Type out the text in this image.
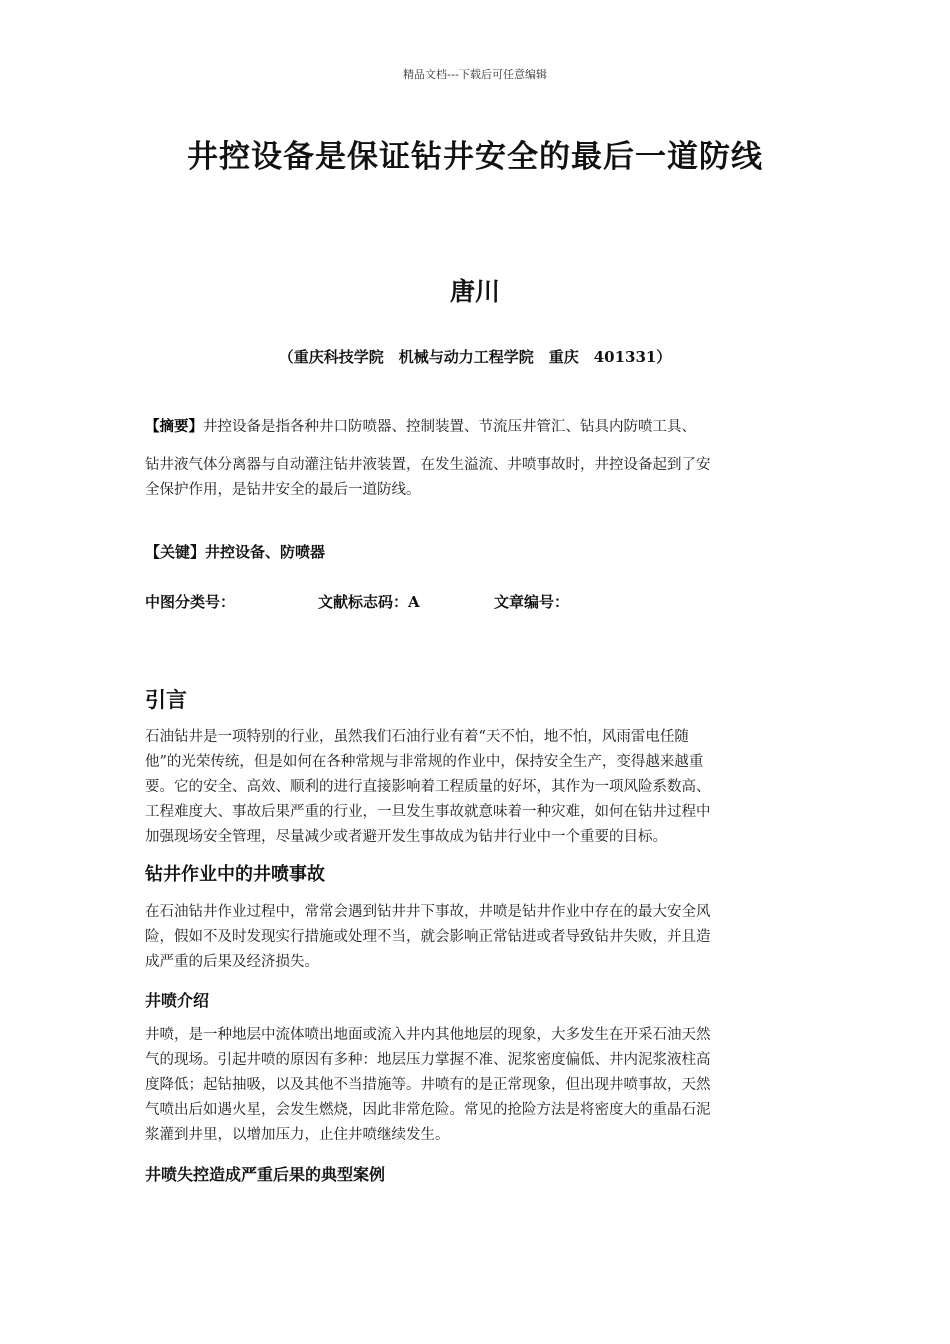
精品文档---下载后可任意编辑
井控设备是保证钻井安全的最后一道防线
唐川
（重庆科技学院　机械与动力工程学院　重庆　401331）
【摘要】井控设备是指各种井口防喷器、控制装置、节流压井管汇、钻具内防喷工具、
钻井液气体分离器与自动灌注钻井液装置，在发生溢流、井喷事故时，井控设备起到了安
全保护作用，是钻井安全的最后一道防线。
【关键】井控设备、防喷器
中图分类号：	文献标志码：A	文章编号：
引言
石油钻井是一项特别的行业，虽然我们石油行业有着“天不怕，地不怕，风雨雷电任随
他”的光荣传统，但是如何在各种常规与非常规的作业中，保持安全生产，变得越来越重
要。它的安全、高效、顺利的进行直接影响着工程质量的好坏，其作为一项风险系数高、
工程难度大、事故后果严重的行业，一旦发生事故就意味着一种灾难，如何在钻井过程中
加强现场安全管理，尽量减少或者避开发生事故成为钻井行业中一个重要的目标。
钻井作业中的井喷事故
在石油钻井作业过程中，常常会遇到钻井井下事故，井喷是钻井作业中存在的最大安全风
险，假如不及时发现实行措施或处理不当，就会影响正常钻进或者导致钻井失败，并且造
成严重的后果及经济损失。
井喷介绍
井喷，是一种地层中流体喷出地面或流入井内其他地层的现象，大多发生在开采石油天然
气的现场。引起井喷的原因有多种：地层压力掌握不准、泥浆密度偏低、井内泥浆液柱高
度降低；起钻抽吸，以及其他不当措施等。井喷有的是正常现象，但出现井喷事故，天然
气喷出后如遇火星，会发生燃烧，因此非常危险。常见的抢险方法是将密度大的重晶石泥
浆灌到井里，以增加压力，止住井喷继续发生。
井喷失控造成严重后果的典型案例
